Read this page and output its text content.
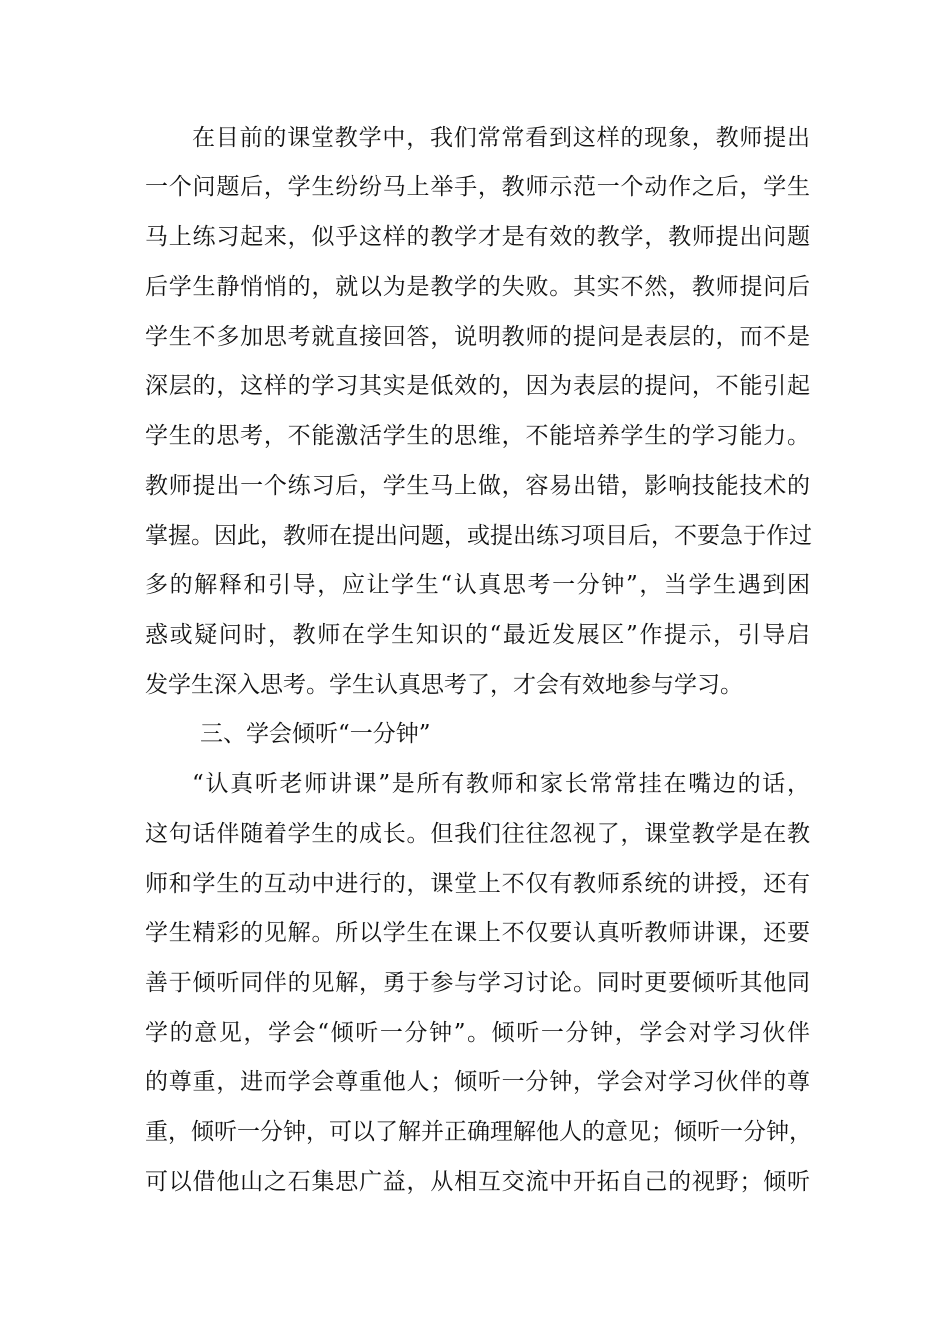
在目前的课堂教学中，我们常常看到这样的现象，教师提出
一个问题后，学生纷纷马上举手，教师示范一个动作之后，学生
马上练习起来，似乎这样的教学才是有效的教学，教师提出问题
后学生静悄悄的，就以为是教学的失败。其实不然，教师提问后
学生不多加思考就直接回答，说明教师的提问是表层的，而不是
深层的，这样的学习其实是低效的，因为表层的提问，不能引起
学生的思考，不能激活学生的思维，不能培养学生的学习能力。
教师提出一个练习后，学生马上做，容易出错，影响技能技术的
掌握。因此，教师在提出问题，或提出练习项目后，不要急于作过
多的解释和引导，应让学生“认真思考一分钟”，当学生遇到困
惑或疑问时，教师在学生知识的“最近发展区”作提示，引导启
发学生深入思考。学生认真思考了，才会有效地参与学习。
三、学会倾听“一分钟”
“认真听老师讲课”是所有教师和家长常常挂在嘴边的话，
这句话伴随着学生的成长。但我们往往忽视了，课堂教学是在教
师和学生的互动中进行的，课堂上不仅有教师系统的讲授，还有
学生精彩的见解。所以学生在课上不仅要认真听教师讲课，还要
善于倾听同伴的见解，勇于参与学习讨论。同时更要倾听其他同
学的意见，学会“倾听一分钟”。倾听一分钟，学会对学习伙伴
的尊重，进而学会尊重他人；倾听一分钟，学会对学习伙伴的尊
重，倾听一分钟，可以了解并正确理解他人的意见；倾听一分钟，
可以借他山之石集思广益，从相互交流中开拓自己的视野；倾听
